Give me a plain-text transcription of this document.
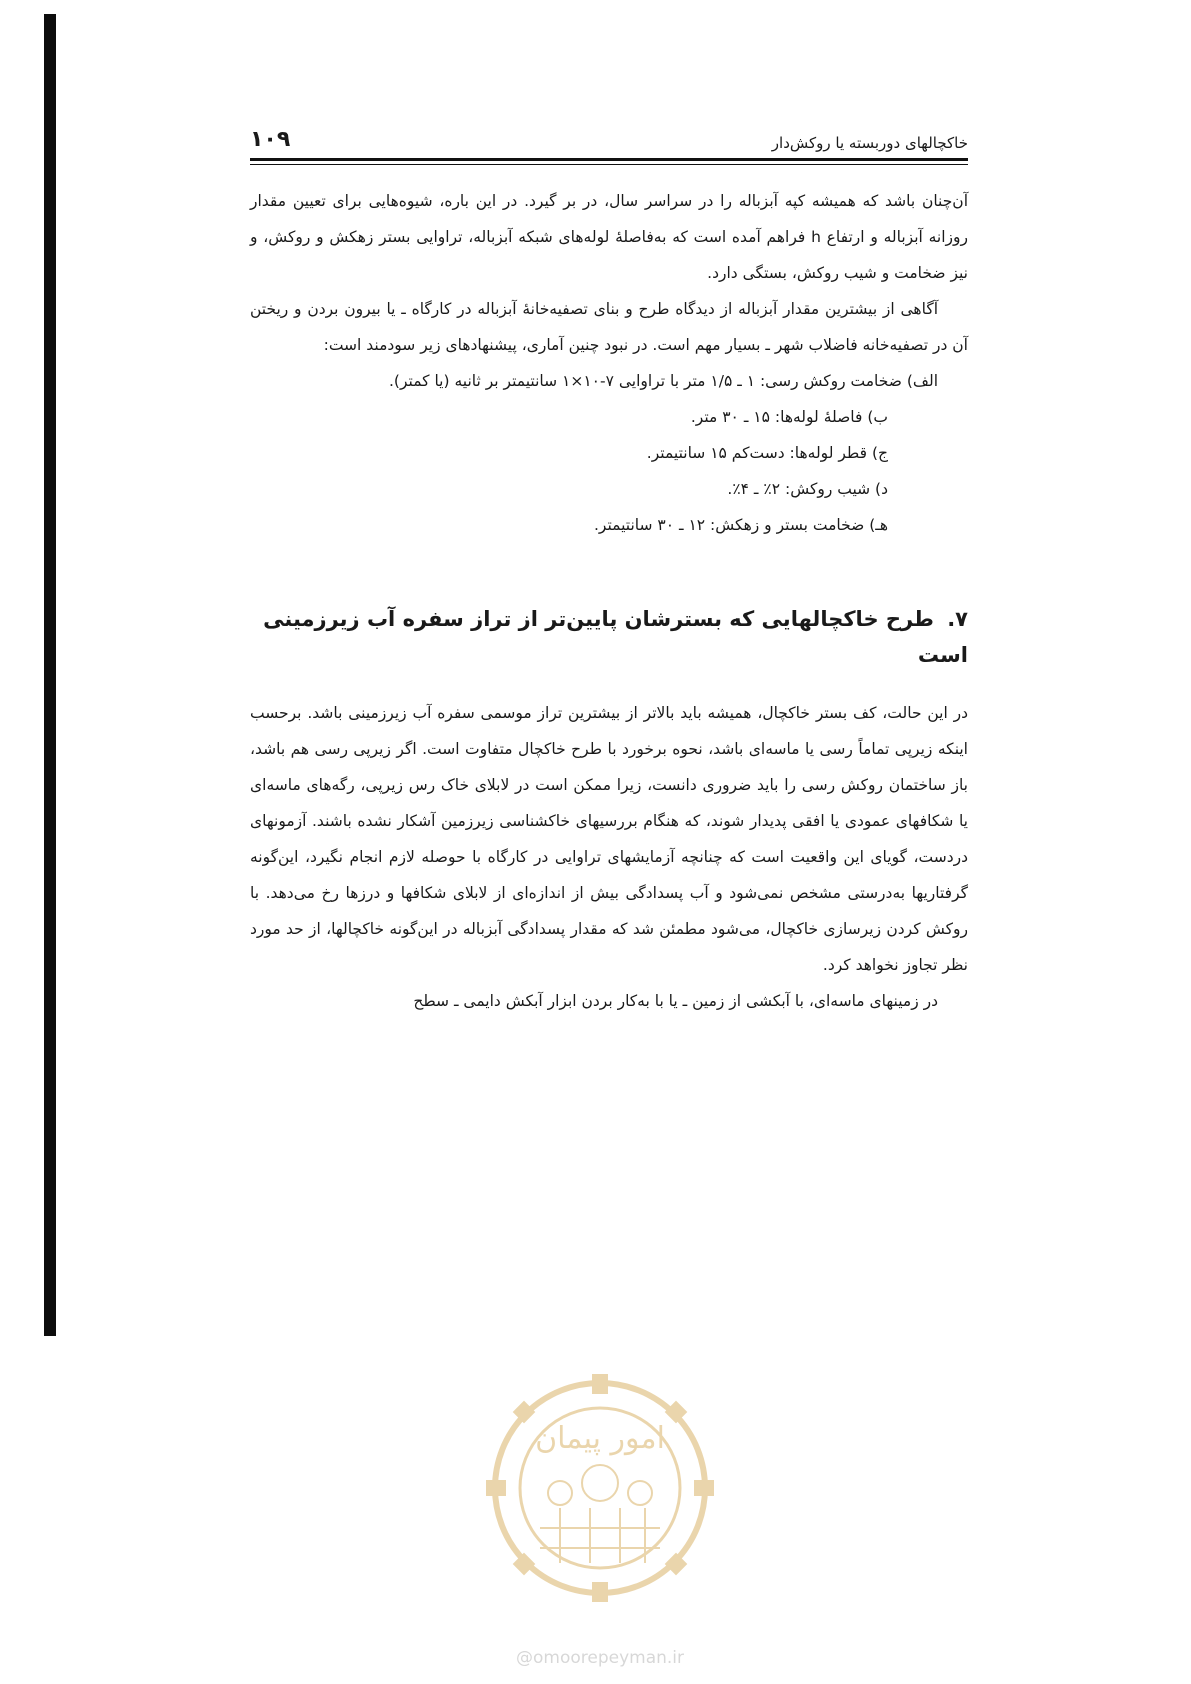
خاکچالهای دوربسته یا روکش‌دار
۱۰۹

آن‌چنان باشد که همیشه کپه آبزباله را در سراسر سال، در بر گیرد. در این باره، شیوه‌هایی برای تعیین مقدار روزانه آبزباله و ارتفاع h فراهم آمده است که به‌فاصلهٔ لوله‌های شبکه آبزباله، تراوایی بستر زهکش و روکش، و نیز ضخامت و شیب روکش، بستگی دارد.

آگاهی از بیشترین مقدار آبزباله از دیدگاه طرح و بنای تصفیه‌خانهٔ آبزباله در کارگاه ـ یا بیرون بردن و ریختن آن در تصفیه‌خانه فاضلاب شهر ـ بسیار مهم است. در نبود چنین آماری، پیشنهادهای زیر سودمند است:

الف) ضخامت روکش رسی: ۱ ـ ۱/۵ متر با تراوایی ۷-۱۰×۱ سانتیمتر بر ثانیه (یا کمتر).
ب) فاصلهٔ لوله‌ها: ۱۵ ـ ۳۰ متر.
ج) قطر لوله‌ها: دست‌کم ۱۵ سانتیمتر.
د) شیب روکش: ۲٪ ـ ۴٪.
هـ) ضخامت بستر و زهکش: ۱۲ ـ ۳۰ سانتیمتر.
۷. طرح خاکچالهایی که بسترشان پایین‌تر از تراز سفره آب زیرزمینی است

در این حالت، کف بستر خاکچال، همیشه باید بالاتر از بیشترین تراز موسمی سفره آب زیرزمینی باشد. برحسب اینکه زیرپی تماماً رسی یا ماسه‌ای باشد، نحوه برخورد با طرح خاکچال متفاوت است. اگر زیرپی رسی هم باشد، باز ساختمان روکش رسی را باید ضروری دانست، زیرا ممکن است در لابلای خاک رس زیرپی، رگه‌های ماسه‌ای یا شکافهای عمودی یا افقی پدیدار شوند، که هنگام بررسیهای خاکشناسی زیرزمین آشکار نشده باشند. آزمونهای دردست، گویای این واقعیت است که چنانچه آزمایشهای تراوایی در کارگاه با حوصله لازم انجام نگیرد، این‌گونه گرفتاریها به‌درستی مشخص نمی‌شود و آب پسدادگی بیش از اندازه‌ای از لابلای شکافها و درزها رخ می‌دهد. با روکش کردن زیرسازی خاکچال، می‌شود مطمئن شد که مقدار پسدادگی آبزباله در این‌گونه خاکچالها، از حد مورد نظر تجاوز نخواهد کرد.

در زمینهای ماسه‌ای، با آبکشی از زمین ـ یا با به‌کار بردن ابزار آبکش دایمی ـ سطح

امور پیمان
@omoorepeyman.ir
